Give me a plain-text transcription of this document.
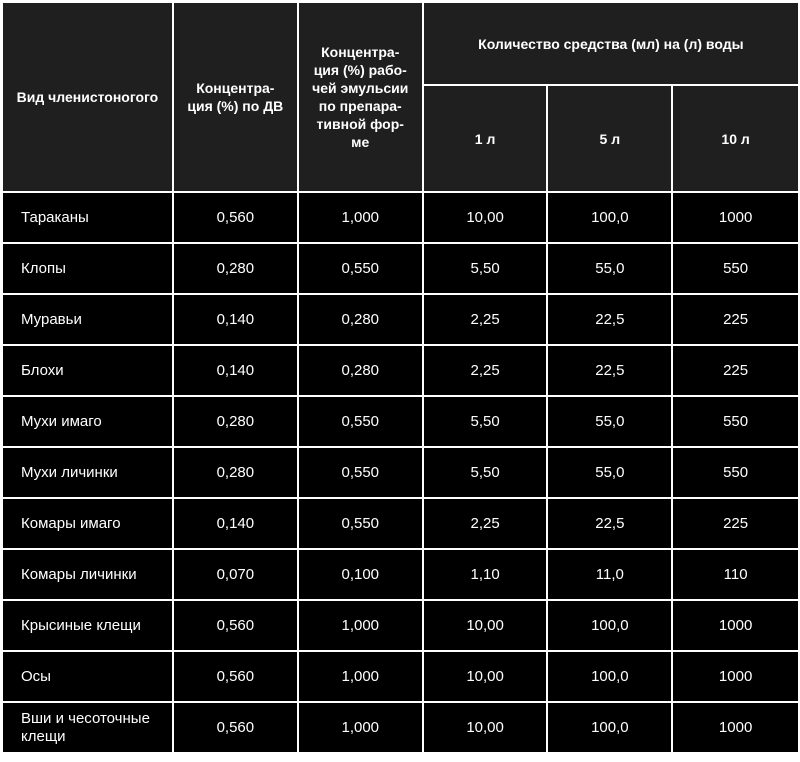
Вид членистоногого	Концентра-ция (%) по ДВ	Концентра-ция (%) рабо-чей эмульсии по препара-тивной фор-ме	Количество средства (мл) на (л) воды		
			1 л	5 л	10 л
Тараканы	0,560	1,000	10,00	100,0	1000
Клопы	0,280	0,550	5,50	55,0	550
Муравьи	0,140	0,280	2,25	22,5	225
Блохи	0,140	0,280	2,25	22,5	225
Мухи имаго	0,280	0,550	5,50	55,0	550
Мухи личинки	0,280	0,550	5,50	55,0	550
Комары имаго	0,140	0,550	2,25	22,5	225
Комары личинки	0,070	0,100	1,10	11,0	110
Крысиные клещи	0,560	1,000	10,00	100,0	1000
Осы	0,560	1,000	10,00	100,0	1000
Вши и чесоточные клещи	0,560	1,000	10,00	100,0	1000
